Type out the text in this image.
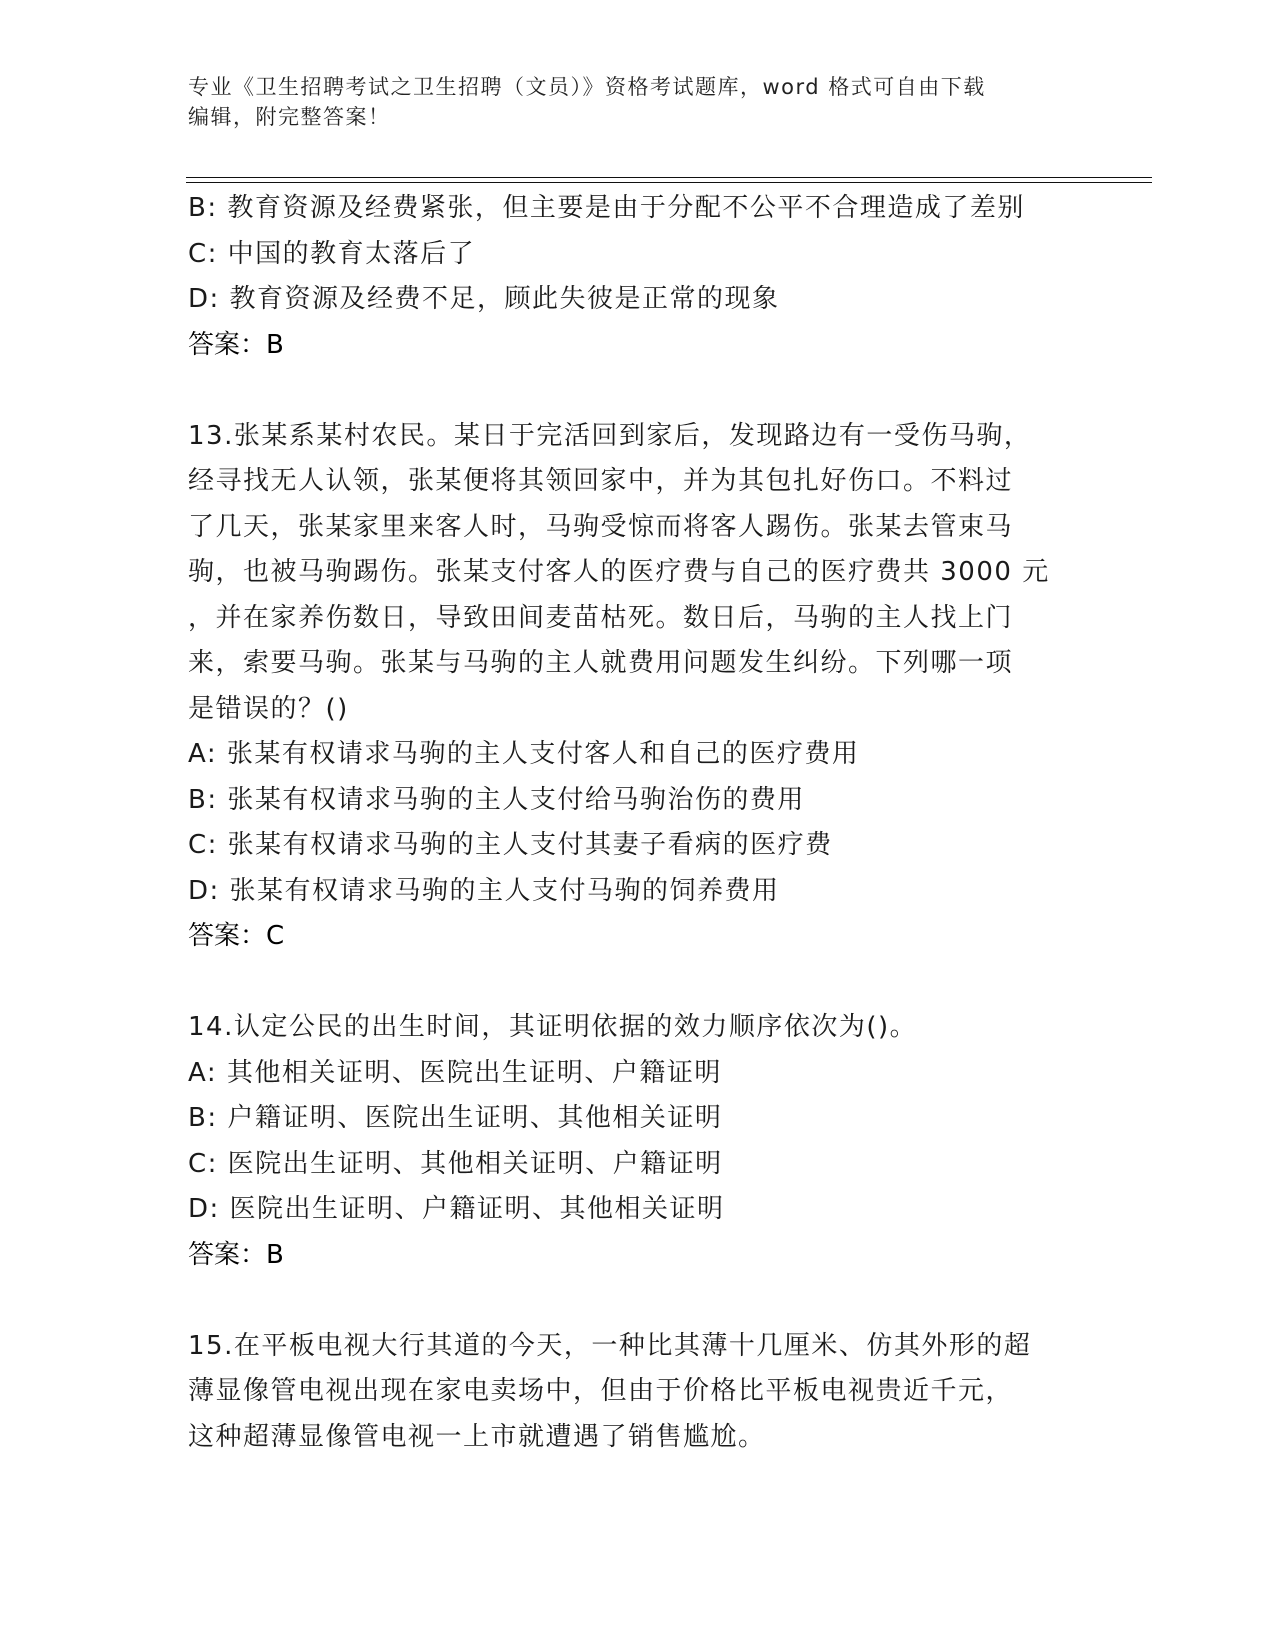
专业《卫生招聘考试之卫生招聘（文员）》资格考试题库，word 格式可自由下载
编辑，附完整答案！
B: 教育资源及经费紧张，但主要是由于分配不公平不合理造成了差别
C: 中国的教育太落后了
D: 教育资源及经费不足，顾此失彼是正常的现象
答案：B
13.张某系某村农民。某日于完活回到家后，发现路边有一受伤马驹，
经寻找无人认领，张某便将其领回家中，并为其包扎好伤口。不料过
了几天，张某家里来客人时，马驹受惊而将客人踢伤。张某去管束马
驹，也被马驹踢伤。张某支付客人的医疗费与自己的医疗费共 3000 元
，并在家养伤数日，导致田间麦苗枯死。数日后，马驹的主人找上门
来，索要马驹。张某与马驹的主人就费用问题发生纠纷。下列哪一项
是错误的？()
A: 张某有权请求马驹的主人支付客人和自己的医疗费用
B: 张某有权请求马驹的主人支付给马驹治伤的费用
C: 张某有权请求马驹的主人支付其妻子看病的医疗费
D: 张某有权请求马驹的主人支付马驹的饲养费用
答案：C
14.认定公民的出生时间，其证明依据的效力顺序依次为()。
A: 其他相关证明、医院出生证明、户籍证明
B: 户籍证明、医院出生证明、其他相关证明
C: 医院出生证明、其他相关证明、户籍证明
D: 医院出生证明、户籍证明、其他相关证明
答案：B
15.在平板电视大行其道的今天，一种比其薄十几厘米、仿其外形的超
薄显像管电视出现在家电卖场中，但由于价格比平板电视贵近千元，
这种超薄显像管电视一上市就遭遇了销售尴尬。
